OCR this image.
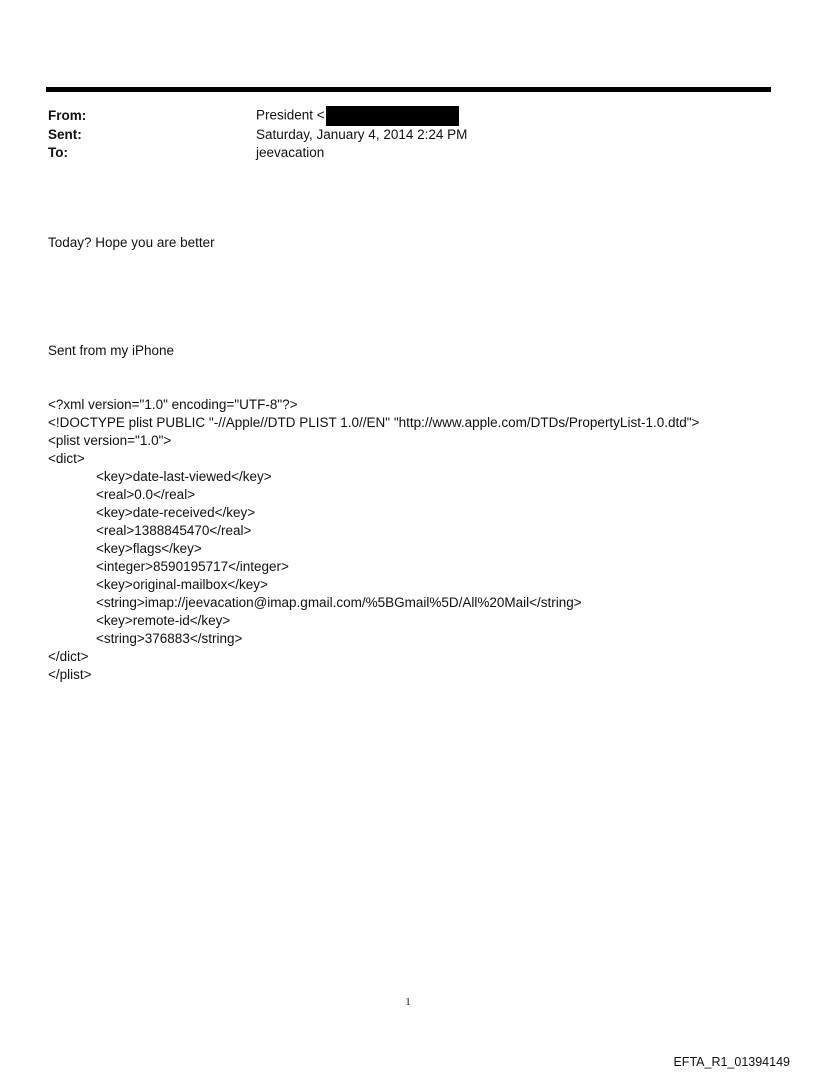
From:	President <
Sent:	Saturday, January 4, 2014 2:24 PM
To:	jeevacation

Today? Hope you are better

Sent from my iPhone

<?xml version="1.0" encoding="UTF-8"?>
<!DOCTYPE plist PUBLIC "-//Apple//DTD PLIST 1.0//EN" "http://www.apple.com/DTDs/PropertyList-1.0.dtd">
<plist version="1.0">
<dict>
<key>date-last-viewed</key>
<real>0.0</real>
<key>date-received</key>
<real>1388845470</real>
<key>flags</key>
<integer>8590195717</integer>
<key>original-mailbox</key>
<string>imap://jeevacation@imap.gmail.com/%5BGmail%5D/All%20Mail</string>
<key>remote-id</key>
<string>376883</string>
</dict>
</plist>

1
EFTA_R1_01394149
